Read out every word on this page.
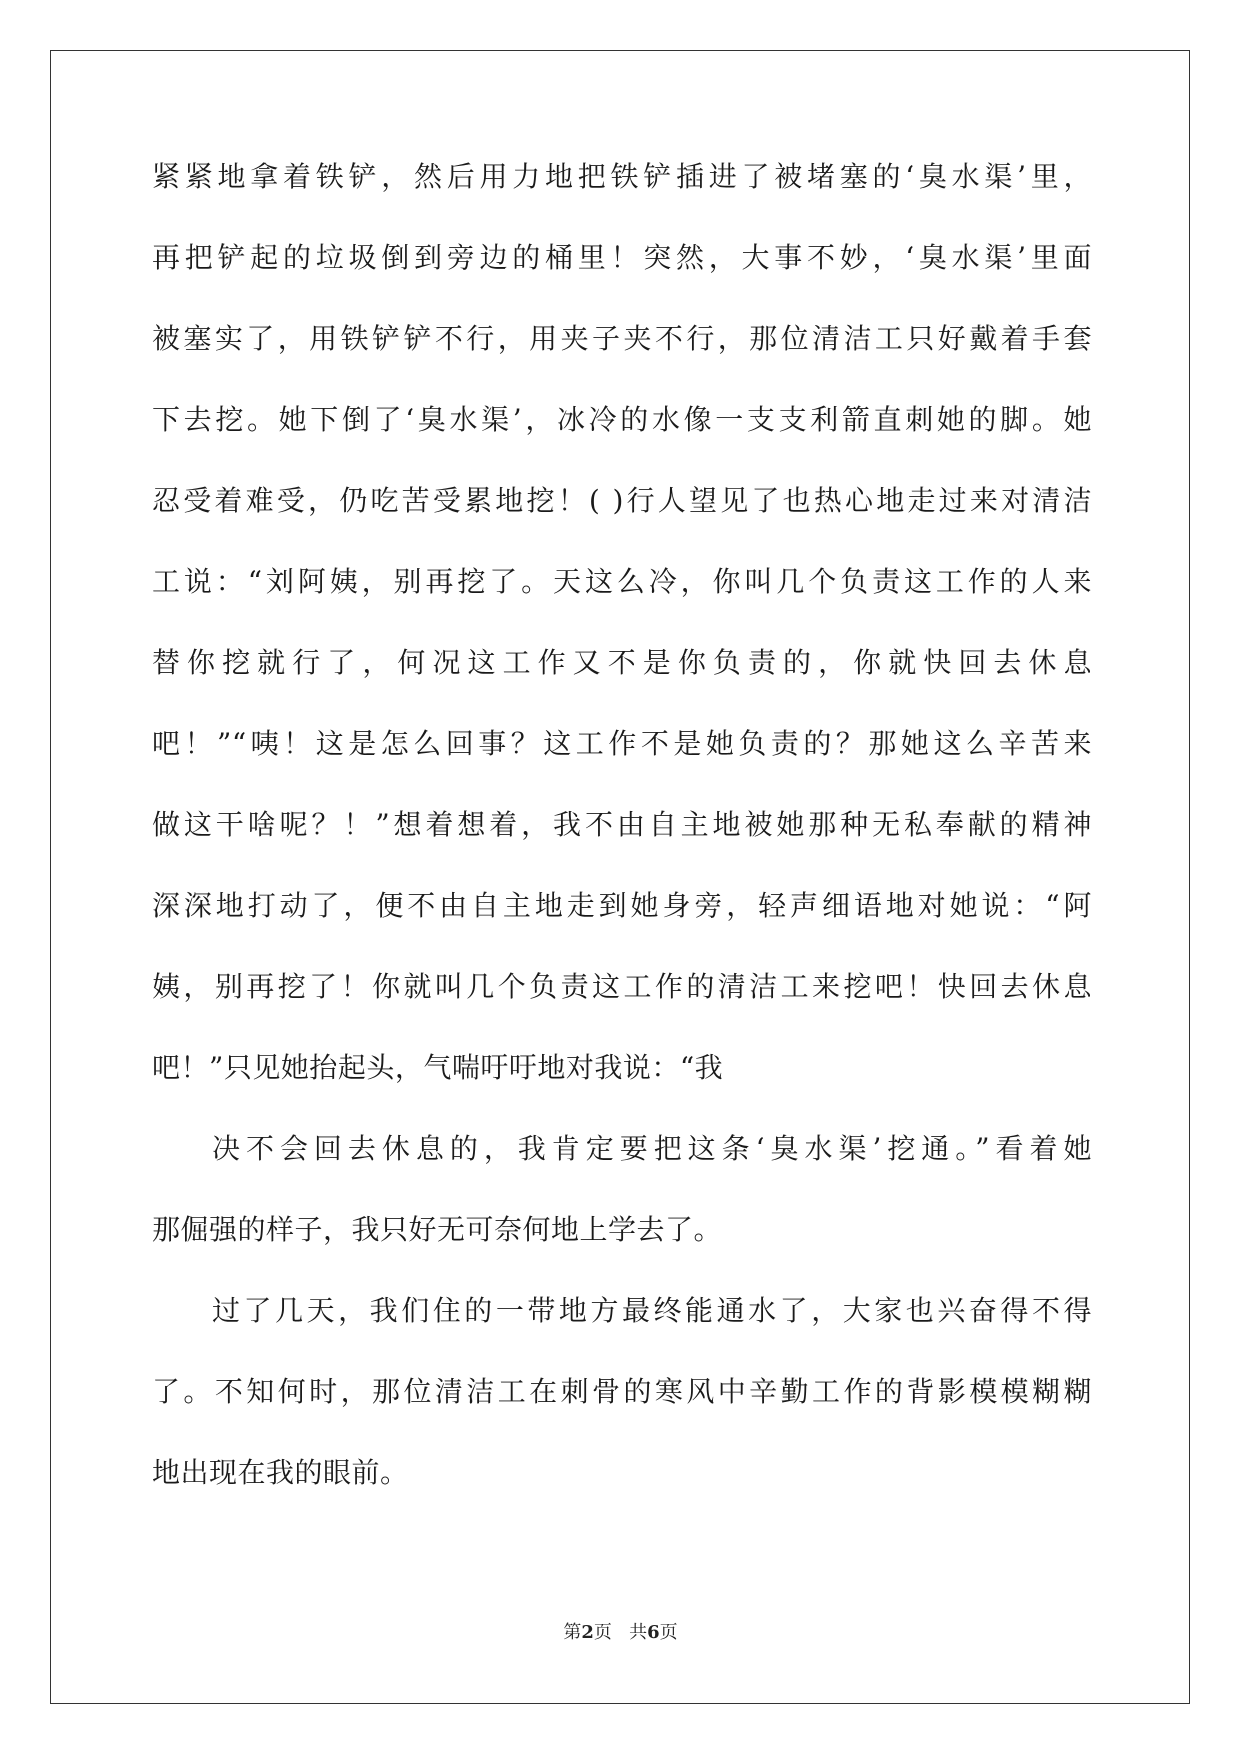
紧紧地拿着铁铲，然后用力地把铁铲插进了被堵塞的‘臭水渠’里，
再把铲起的垃圾倒到旁边的桶里！突然，大事不妙，‘臭水渠’里面
被塞实了，用铁铲铲不行，用夹子夹不行，那位清洁工只好戴着手套
下去挖。她下倒了‘臭水渠’，冰冷的水像一支支利箭直刺她的脚。她
忍受着难受，仍吃苦受累地挖！( )行人望见了也热心地走过来对清洁
工说：“刘阿姨，别再挖了。天这么冷，你叫几个负责这工作的人来
替你挖就行了，何况这工作又不是你负责的，你就快回去休息
吧！”“咦！这是怎么回事？这工作不是她负责的？那她这么辛苦来
做这干啥呢？！”想着想着，我不由自主地被她那种无私奉献的精神
深深地打动了，便不由自主地走到她身旁，轻声细语地对她说：“阿
姨，别再挖了！你就叫几个负责这工作的清洁工来挖吧！快回去休息
吧！”只见她抬起头，气喘吁吁地对我说：“我

决不会回去休息的，我肯定要把这条‘臭水渠’挖通。”看着她
那倔强的样子，我只好无可奈何地上学去了。

过了几天，我们住的一带地方最终能通水了，大家也兴奋得不得
了。不知何时，那位清洁工在刺骨的寒风中辛勤工作的背影模模糊糊
地出现在我的眼前。

第2页   共6页
